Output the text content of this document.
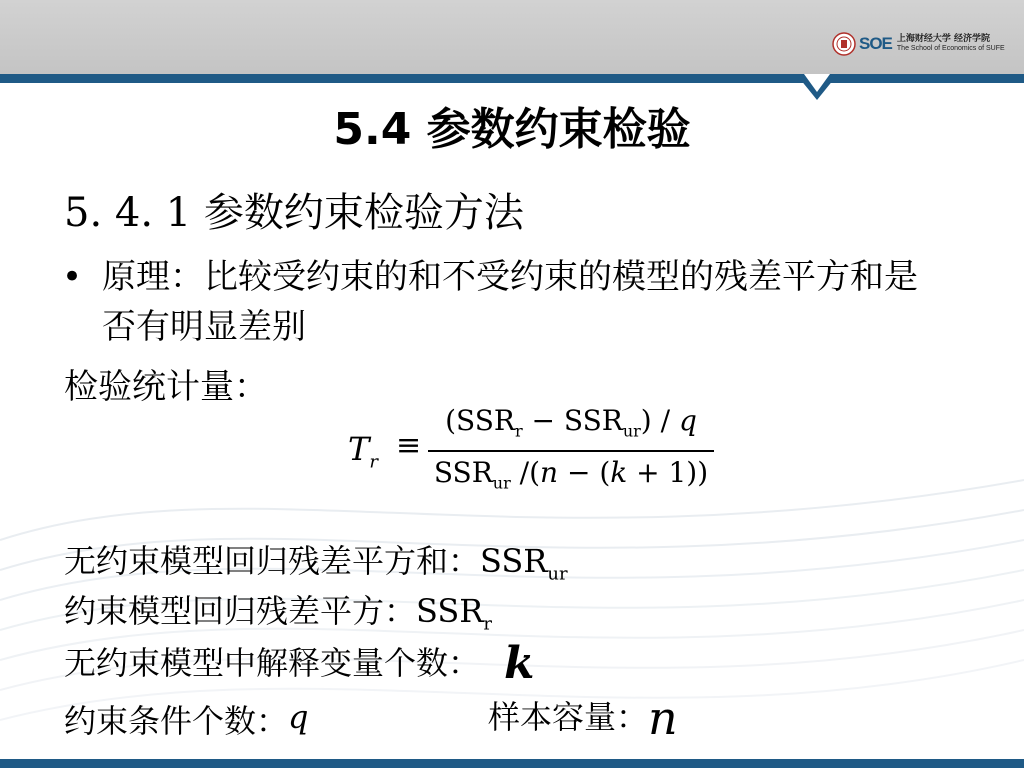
SOE 上海财经大学 经济学院
The School of Economics of SUFE
5.4 参数约束检验
5. 4. 1 参数约束检验方法
• 原理：比较受约束的和不受约束的模型的残差平方和是否有明显差别
检验统计量：
$T_r$ ≡
$(SSR_r - SSR_{ur}) / q$
$SSR_{ur}$ /(n − (k + 1))
无约束模型回归残差平方和：$SSR_{ur}$
约束模型回归残差平方：$SSR_r$
无约束模型中解释变量个数： k
约束条件个数：q	样本容量：n
